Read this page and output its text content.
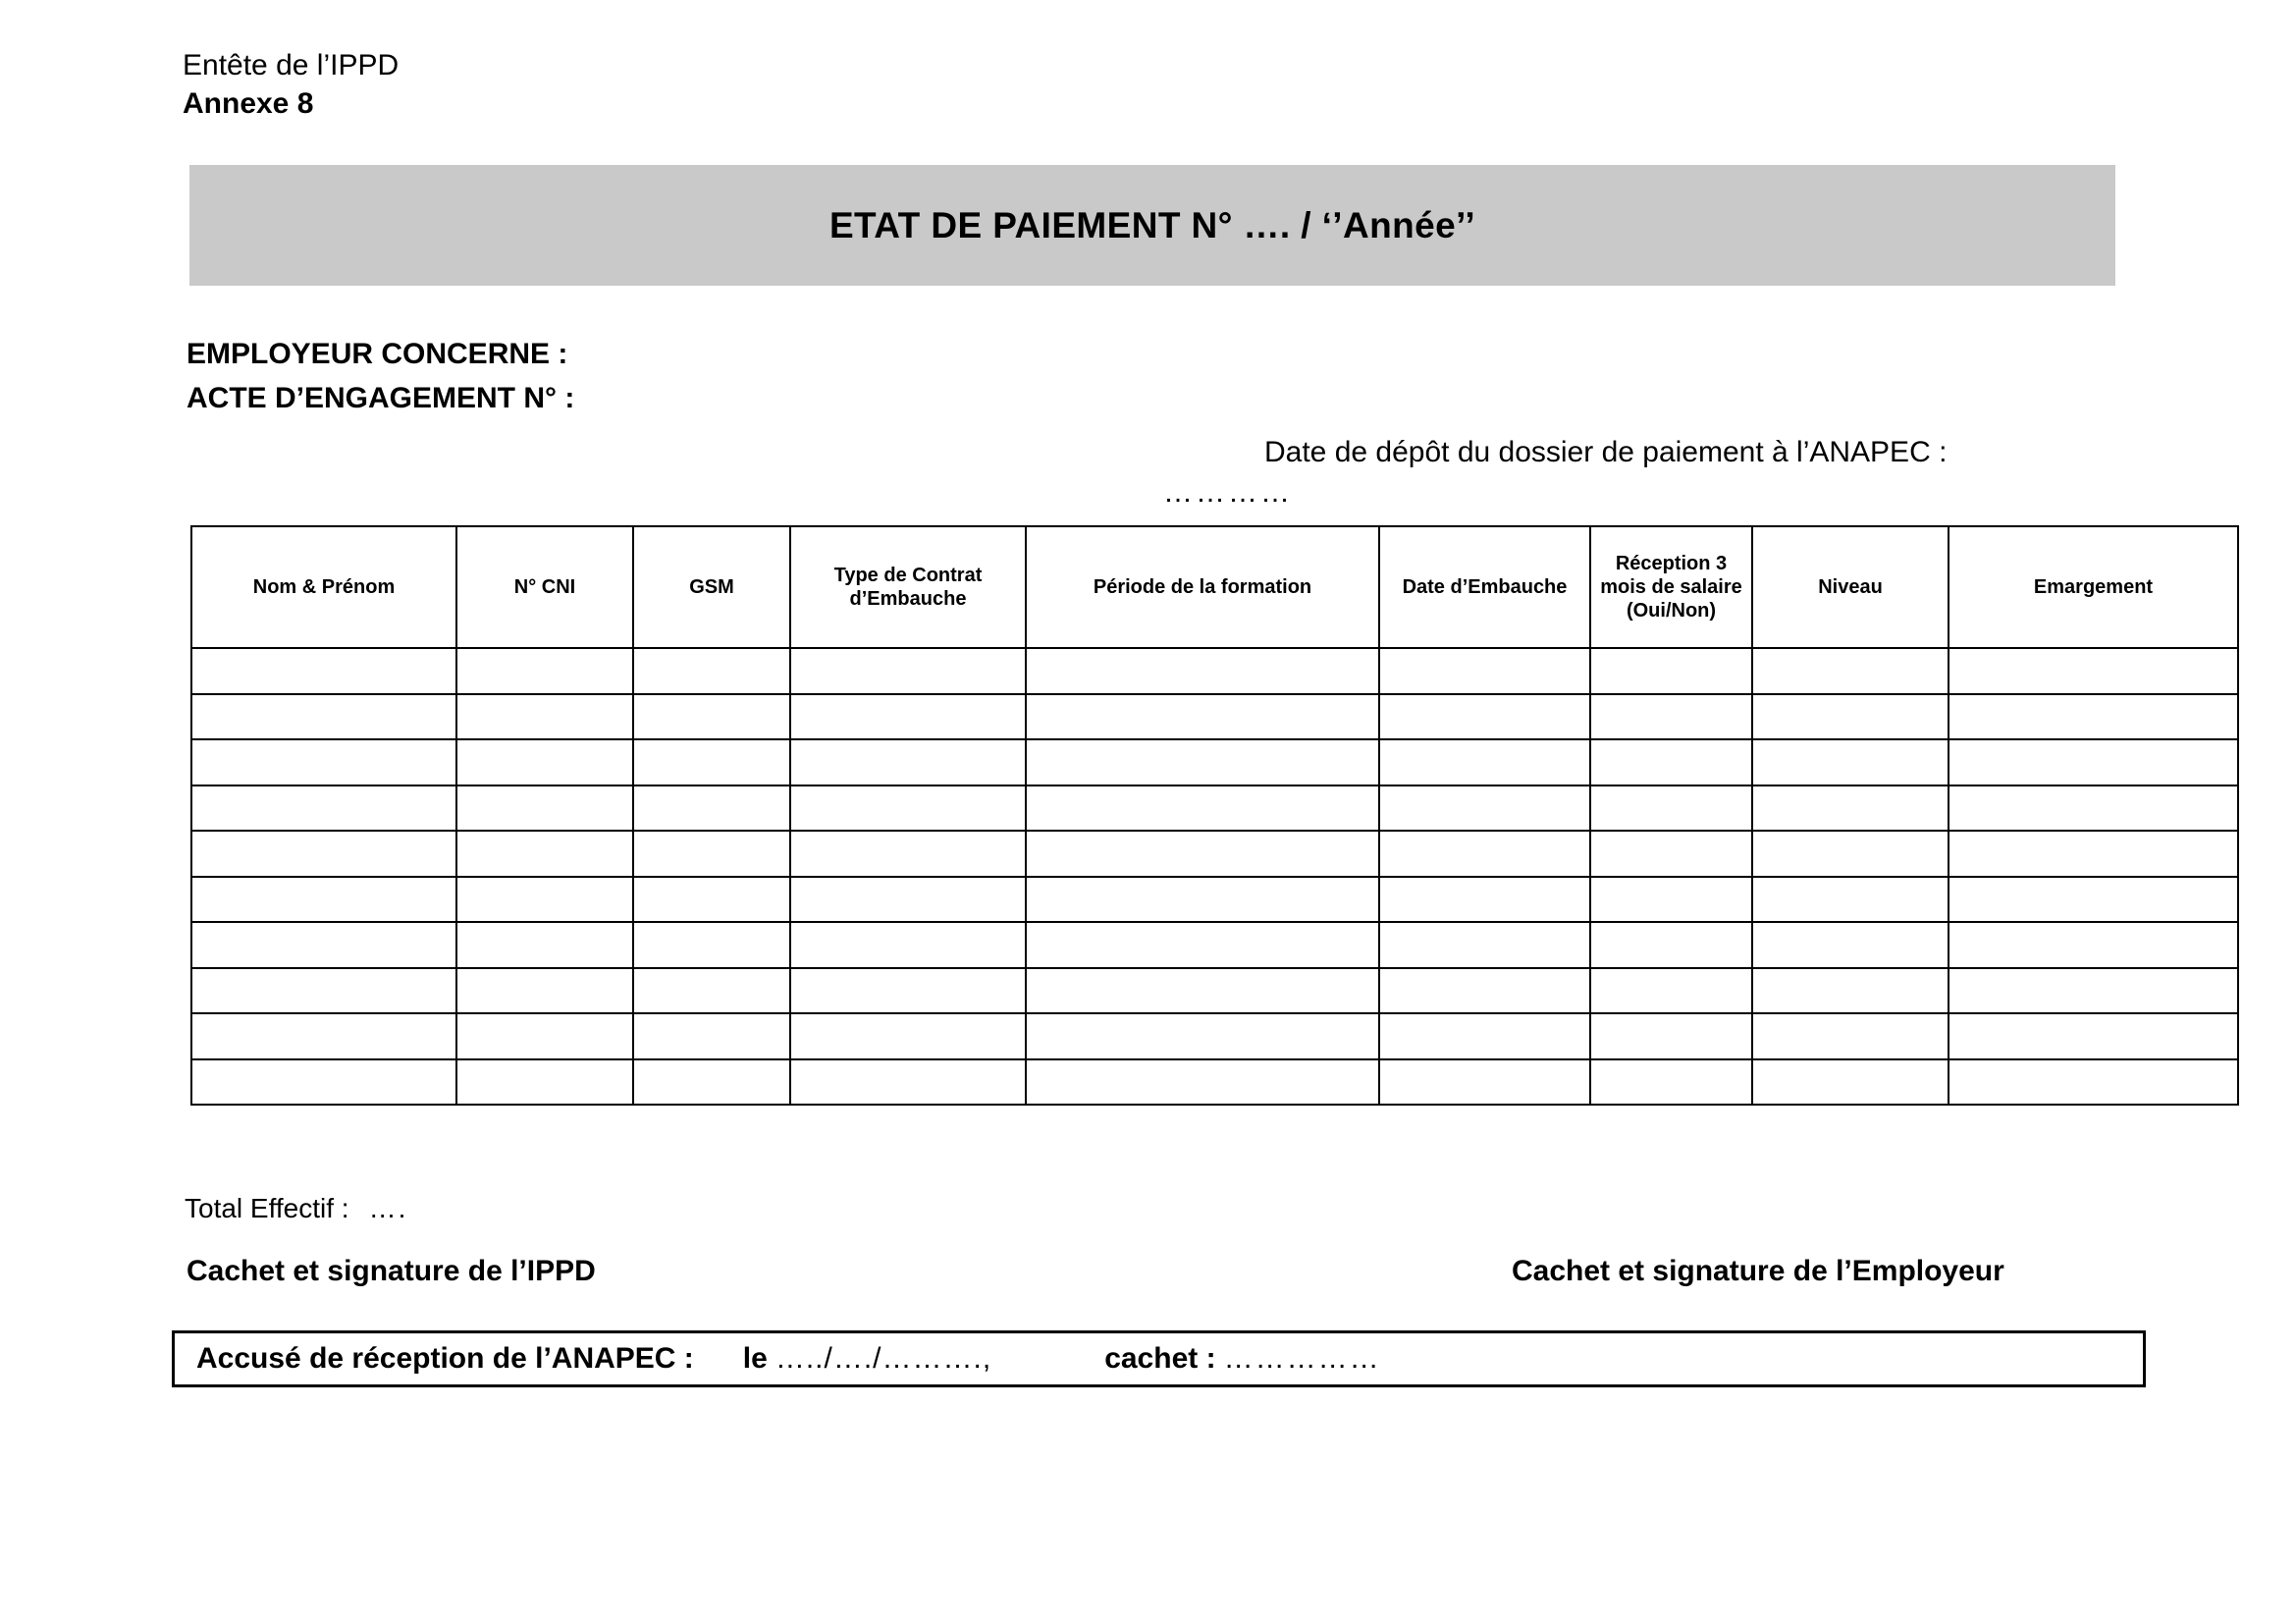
Entête de l’IPPD
Annexe 8
ETAT DE PAIEMENT N° …. / ‘’Année’’
EMPLOYEUR CONCERNE :
ACTE D’ENGAGEMENT N° :
Date de dépôt du dossier de paiement à l’ANAPEC :
…………
Nom & Prénom	N° CNI	GSM	Type de Contrat d’Embauche	Période de la formation	Date d’Embauche	Réception 3 mois de salaire (Oui/Non)	Niveau	Emargement

Total Effectif : ….
Cachet et signature de l’IPPD	Cachet et signature de l’Employeur
Accusé de réception de l’ANAPEC : le …../…./……….,	cachet : ……………
